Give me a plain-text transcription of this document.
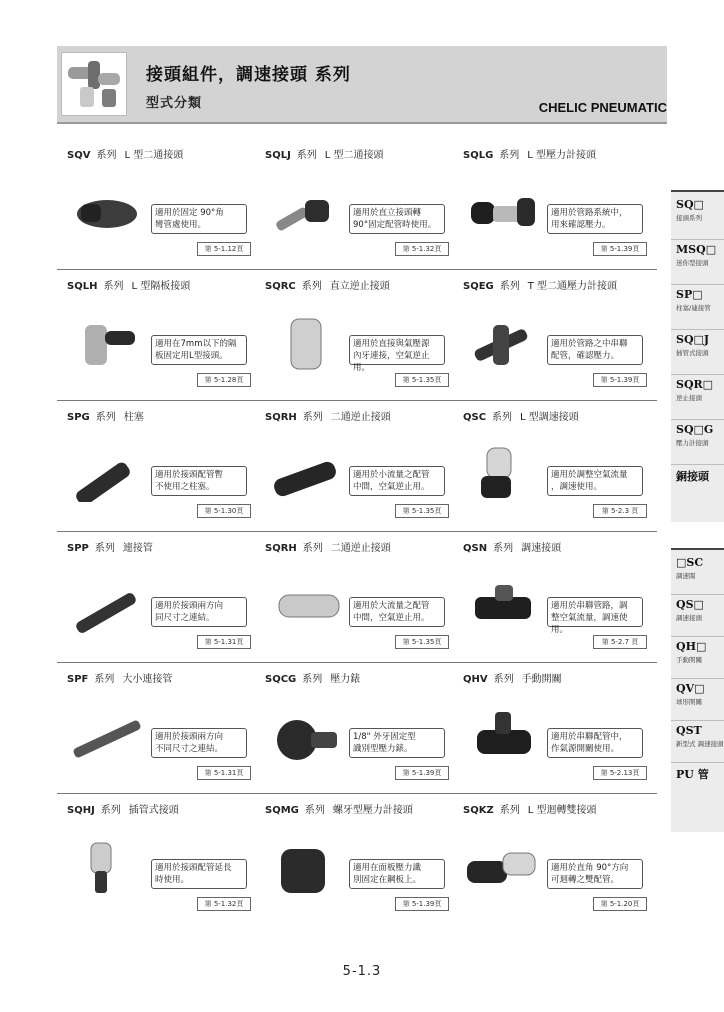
接頭組件，調速接頭 系列
型式分類	CHELIC PNEUMATIC
SQV 系列 L 型二通接頭
適用於固定 90°角
彎管處使用。
第 5-1.12頁
SQLJ 系列 L 型二通接頭
適用於直立接頭轉
90°固定配管時使用。
第 5-1.32頁
SQLG 系列 L 型壓力計接頭
適用於管路系統中，
用來確認壓力。
第 5-1.39頁
SQLH 系列 L 型隔板接頭
適用在7mm以下的隔
板固定用L型接頭。
第 5-1.28頁
SQRC 系列 直立逆止接頭
適用於直接與氣壓源
內牙連接，空氣逆止用。
第 5-1.35頁
SQEG 系列 T 型二通壓力計接頭
適用於管路之中串聯
配管，確認壓力。
第 5-1.39頁
SPG 系列 柱塞
適用於接頭配管暫
不使用之柱塞。
第 5-1.30頁
SQRH 系列 二通逆止接頭
適用於小流量之配管
中間，空氣逆止用。
第 5-1.35頁
QSC 系列 L 型調速接頭
適用於調整空氣流量
，調速使用。
第 5-2.3 頁
SPP 系列 連接管
適用於接頭兩方向
同尺寸之連結。
第 5-1.31頁
SQRH 系列 二通逆止接頭
適用於大流量之配管
中間，空氣逆止用。
第 5-1.35頁
QSN 系列 調速接頭
適用於串聯管路，調
整空氣流量，調速使用。
第 5-2.7 頁
SPF 系列 大小連接管
適用於接頭兩方向
不同尺寸之連結。
第 5-1.31頁
SQCG 系列 壓力錶
1/8" 外牙固定型
識別型壓力錶。
第 5-1.39頁
QHV 系列 手動開關
適用於串聯配管中，
作氣源開關使用。
第 5-2.13頁
SQHJ 系列 插管式接頭
適用於接頭配管延長
時使用。
第 5-1.32頁
SQMG 系列 螺牙型壓力計接頭
適用在面板壓力識
別固定在鋼板上。
第 5-1.39頁
SQKZ 系列 L 型迴轉雙接頭
適用於直角 90°方向
可迴轉之雙配管。
第 5-1.20頁
SQ□
接頭系列
MSQ□
迷你型接頭
SP□
柱塞/連接管
SQ□J
插管式接頭
SQR□
逆止接頭
SQ□G
壓力計接頭
銅接頭
□SC
調速閥
QS□
調速接頭
QH□
手動開關
QV□
球形開關
QST
新型式 調速接頭
PU 管
5-1.3
